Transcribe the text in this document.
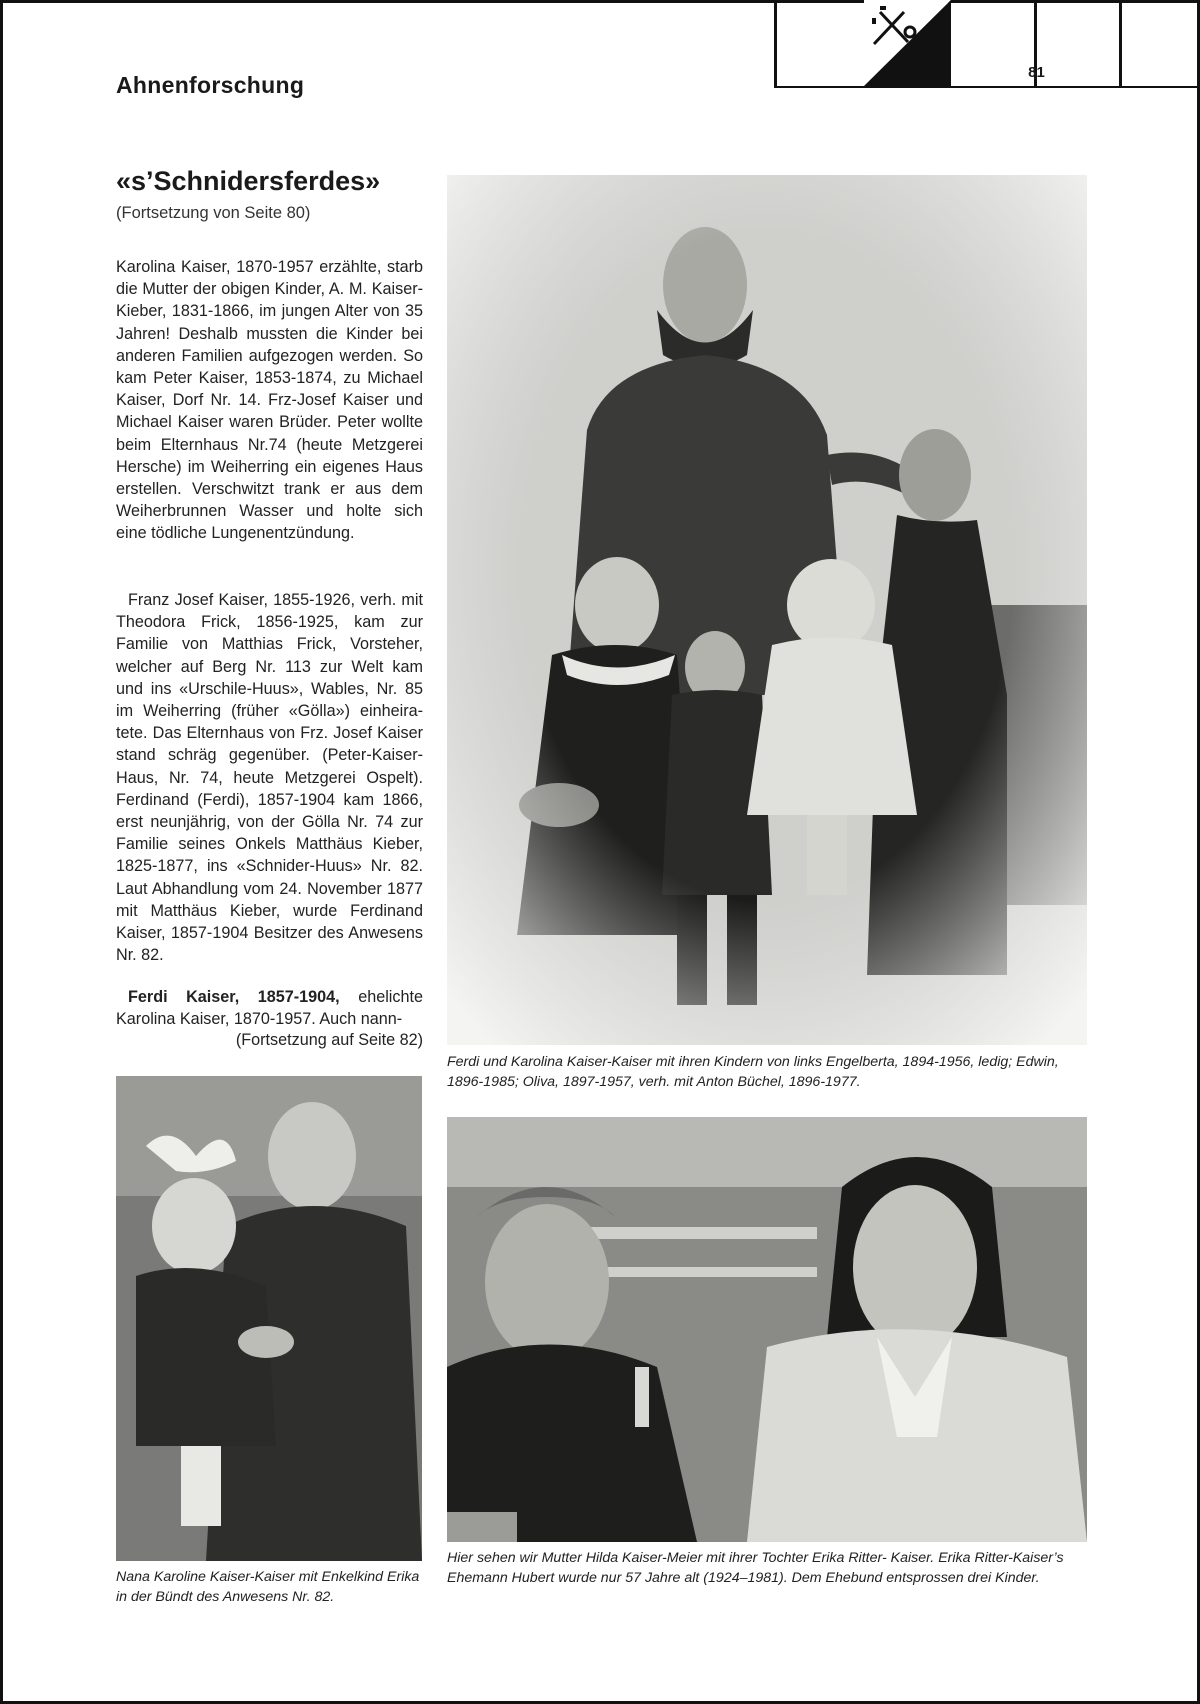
Ahnenforschung	81
«s’Schnidersferdes»
(Fortsetzung von Seite 80)
Karolina Kaiser, 1870-1957 erzählte, starb die Mutter der obigen Kinder, A. M. Kaiser- Kieber, 1831-1866, im jungen Alter von 35 Jahren! Deshalb mussten die Kinder bei anderen Familien aufgezogen werden. So kam Peter Kaiser, 1853-1874, zu Michael Kaiser, Dorf Nr. 14. Frz-Josef Kaiser und Michael Kaiser waren Brüder. Peter wollte beim Elternhaus Nr.74 (heute Metzgerei Hersche) im Weiherring ein eigenes Haus erstellen. Verschwitzt trank er aus dem Weiherbrunnen Wasser und holte sich eine tödliche Lungenentzündung.
Franz Josef Kaiser, 1855-1926, verh. mit Theodora Frick, 1856-1925, kam zur Familie von Matthias Frick, Vorsteher, welcher auf Berg Nr. 113 zur Welt kam und ins «Urschile-Huus», Wables, Nr. 85 im Weiherring (früher «Gölla») einheiratete. Das Elternhaus von Frz. Josef Kaiser stand schräg gegenüber. (Peter-Kaiser-Haus, Nr. 74, heute Metzgerei Ospelt). Ferdinand (Ferdi), 1857-1904 kam 1866, erst neunjährig, von der Gölla Nr. 74 zur Familie seines Onkels Matthäus Kieber, 1825-1877, ins «Schnider-Huus» Nr. 82. Laut Abhandlung vom 24. November 1877 mit Matthäus Kieber, wurde Ferdinand Kaiser, 1857-1904 Besitzer des Anwesens Nr. 82.
Ferdi Kaiser, 1857-1904, ehelichte Karolina Kaiser, 1870-1957. Auch nann-
(Fortsetzung auf Seite 82)
Ferdi und Karolina Kaiser-Kaiser mit ihren Kindern von links Engelberta, 1894-1956, ledig; Edwin, 1896-1985; Oliva, 1897-1957, verh. mit Anton Büchel, 1896-1977.
Nana Karoline Kaiser-Kaiser mit Enkelkind Erika in der Bündt des Anwesens Nr. 82.
Hier sehen wir Mutter Hilda Kaiser-Meier mit ihrer Tochter Erika Ritter- Kaiser. Erika Ritter-Kaiser’s Ehemann Hubert wurde nur 57 Jahre alt (1924–1981). Dem Ehebund entsprossen drei Kinder.
